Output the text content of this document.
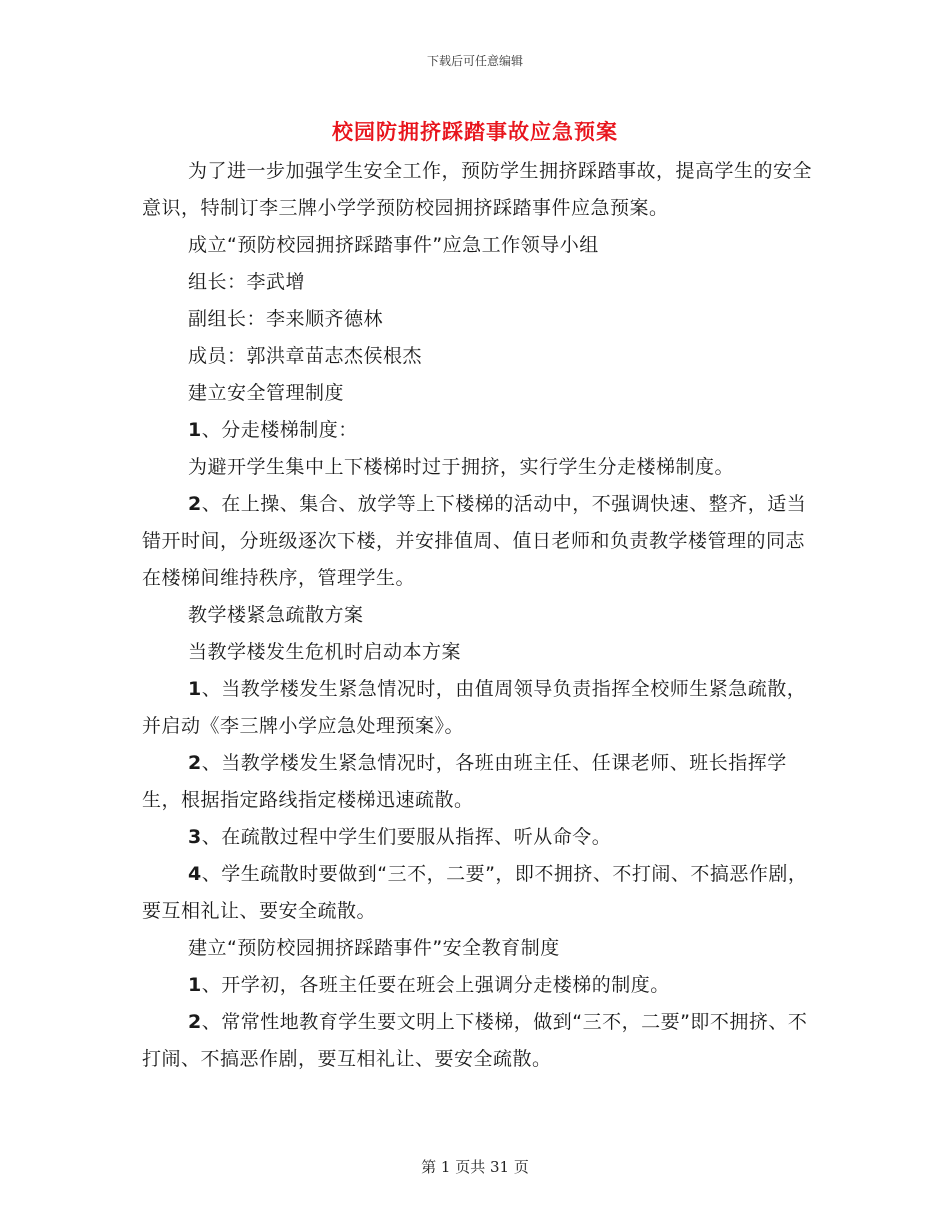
下载后可任意编辑
校园防拥挤踩踏事故应急预案

为了进一步加强学生安全工作，预防学生拥挤踩踏事故，提高学生的安全意识，特制订李三牌小学学预防校园拥挤踩踏事件应急预案。

成立“预防校园拥挤踩踏事件”应急工作领导小组

组长：李武增

副组长：李来顺齐德林

成员：郭洪章苗志杰侯根杰

建立安全管理制度

1、分走楼梯制度：

为避开学生集中上下楼梯时过于拥挤，实行学生分走楼梯制度。

2、在上操、集合、放学等上下楼梯的活动中，不强调快速、整齐，适当错开时间，分班级逐次下楼，并安排值周、值日老师和负责教学楼管理的同志在楼梯间维持秩序，管理学生。

教学楼紧急疏散方案

当教学楼发生危机时启动本方案

1、当教学楼发生紧急情况时，由值周领导负责指挥全校师生紧急疏散，并启动《李三牌小学应急处理预案》。

2、当教学楼发生紧急情况时，各班由班主任、任课老师、班长指挥学生，根据指定路线指定楼梯迅速疏散。

3、在疏散过程中学生们要服从指挥、听从命令。

4、学生疏散时要做到“三不，二要”，即不拥挤、不打闹、不搞恶作剧，要互相礼让、要安全疏散。

建立“预防校园拥挤踩踏事件”安全教育制度

1、开学初，各班主任要在班会上强调分走楼梯的制度。

2、常常性地教育学生要文明上下楼梯，做到“三不，二要”即不拥挤、不打闹、不搞恶作剧，要互相礼让、要安全疏散。

第 1 页共 31 页
